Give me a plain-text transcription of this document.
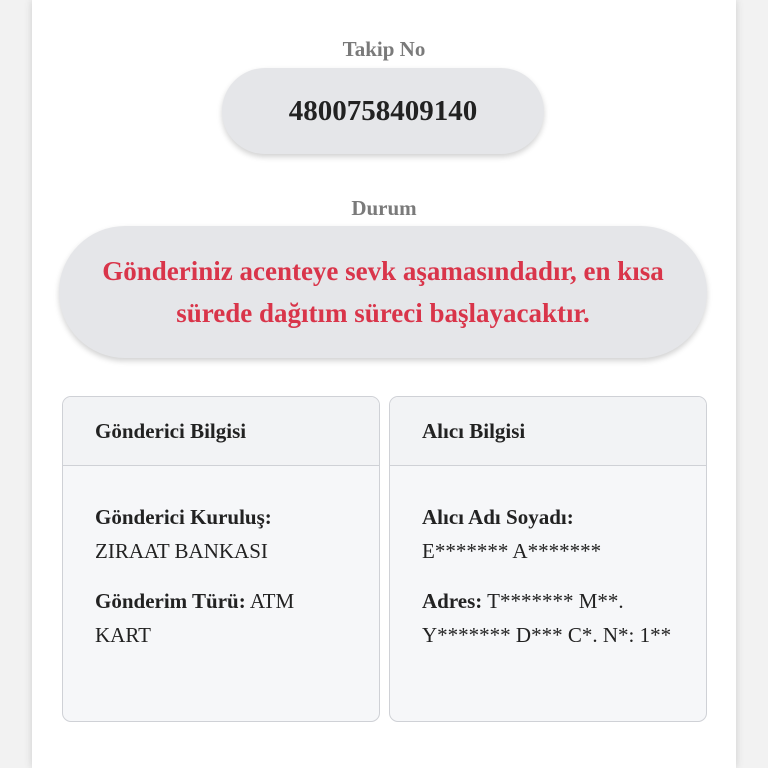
Takip No
4800758409140
Durum
Gönderiniz acenteye sevk aşamasındadır, en kısa sürede dağıtım süreci başlayacaktır.
Gönderici Bilgisi
Gönderici Kuruluş:
ZIRAAT BANKASI
Gönderim Türü: ATM KART
Alıcı Bilgisi
Alıcı Adı Soyadı:
E******* A*******
Adres: T******* M**. Y******* D*** C*. N*: 1**
